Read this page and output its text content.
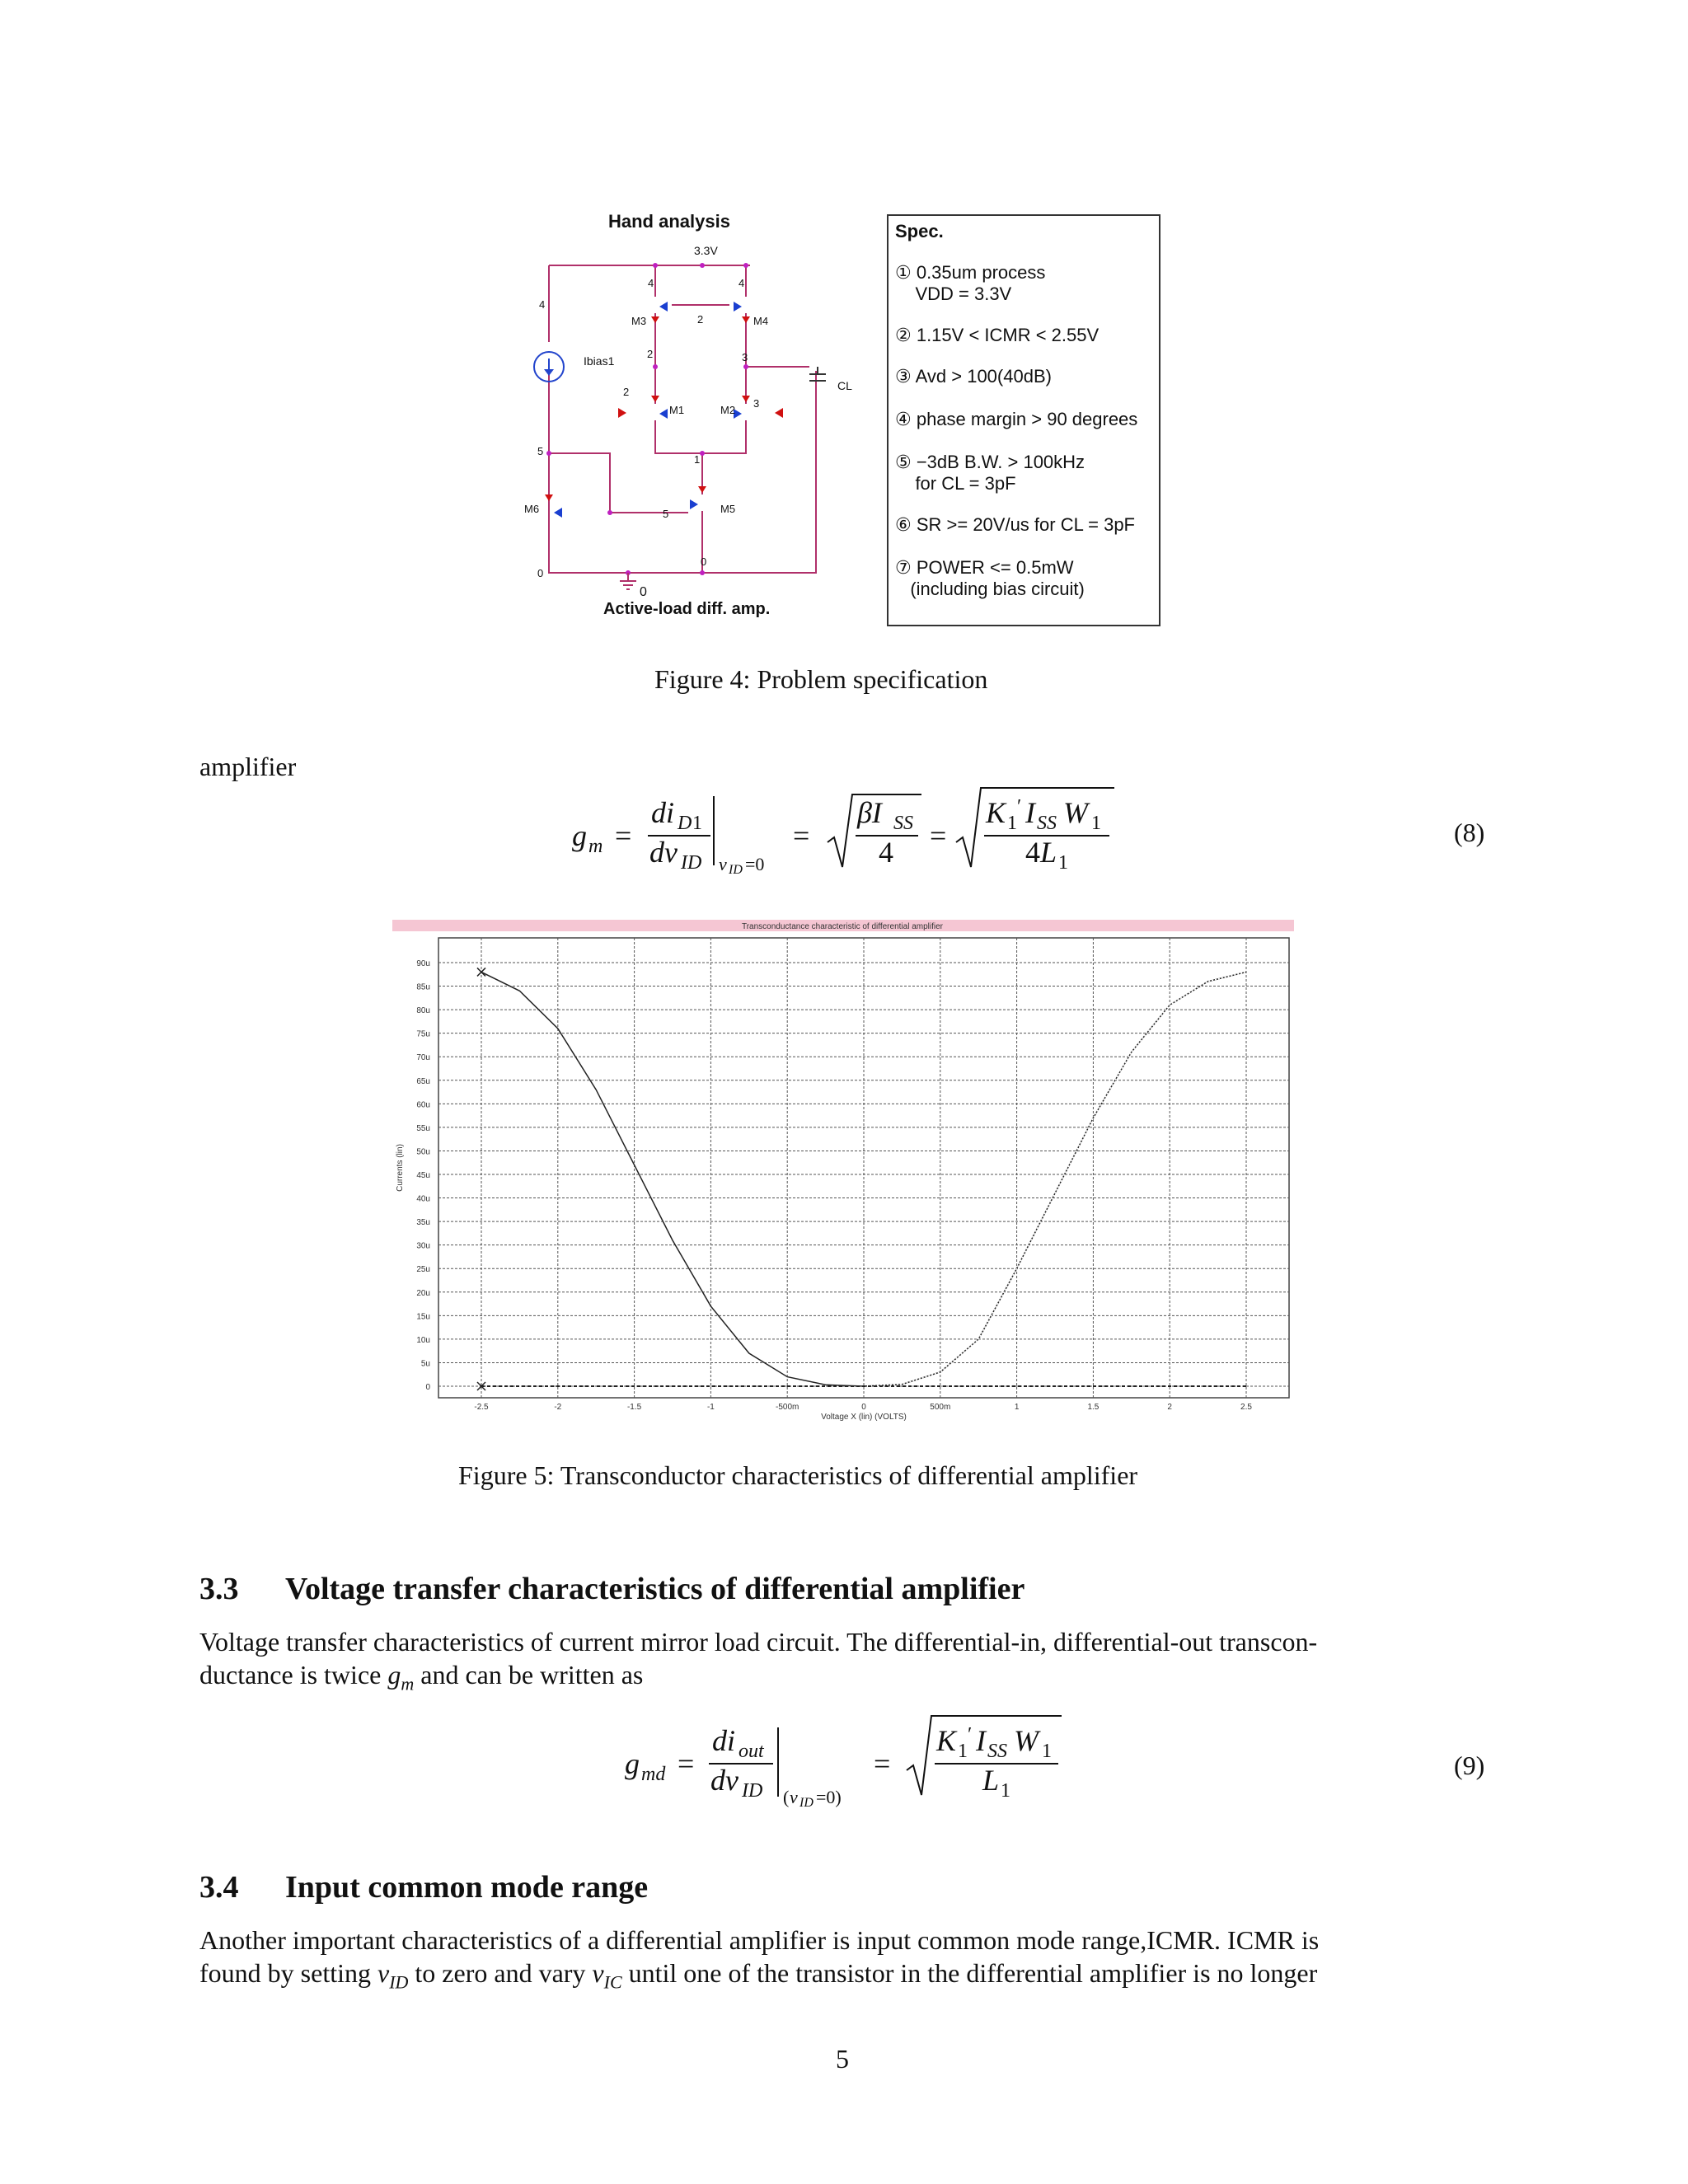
Hand analysis
3.3V
Ibias1
CL
M3	M4
M1	M2
M5
M6
4
4	4
2
2
2
3
3
1
5
5
0
0
0
Active-load diff. amp.
Spec.
① 0.35um process
VDD = 3.3V
② 1.15V < ICMR < 2.55V
③ Avd > 100(40dB)
④ phase margin > 90 degrees
⑤ −3dB B.W. > 100kHz
for CL = 3pF
⑥ SR >= 20V/us for CL = 3pF
⑦ POWER <= 0.5mW
(including bias circuit)
Figure 4: Problem specification
amplifier
g m =
di D 1
dv ID v ID =0
=
βI SS
4 =
K 1
′ I SS W 1
4 L 1
(8)
Transconductance characteristic of differential amplifier
0
5u
10u
15u
20u
25u
30u
35u
40u
45u
50u
55u
60u
65u
70u
75u
80u
85u
90u
-2.5	-2	-1.5	-1	-500m	0	500m	1	1.5	2	2.5
Voltage X (lin) (VOLTS)
Currents (lin)
Figure 5: Transconductor characteristics of differential amplifier
3.3 Voltage transfer characteristics of differential amplifier
Voltage transfer characteristics of current mirror load circuit. The differential-in, differential-out transcon-
ductance is twice $g_m$ and can be written as
g md =
di out
dv ID ( v ID =0)
=
K 1
′ I SS W 1
L 1
(9)
3.4 Input common mode range
Another important characteristics of a differential amplifier is input common mode range,ICMR. ICMR is
found by setting $v_{ID}$ to zero and vary $v_{IC}$ until one of the transistor in the differential amplifier is no longer
5
